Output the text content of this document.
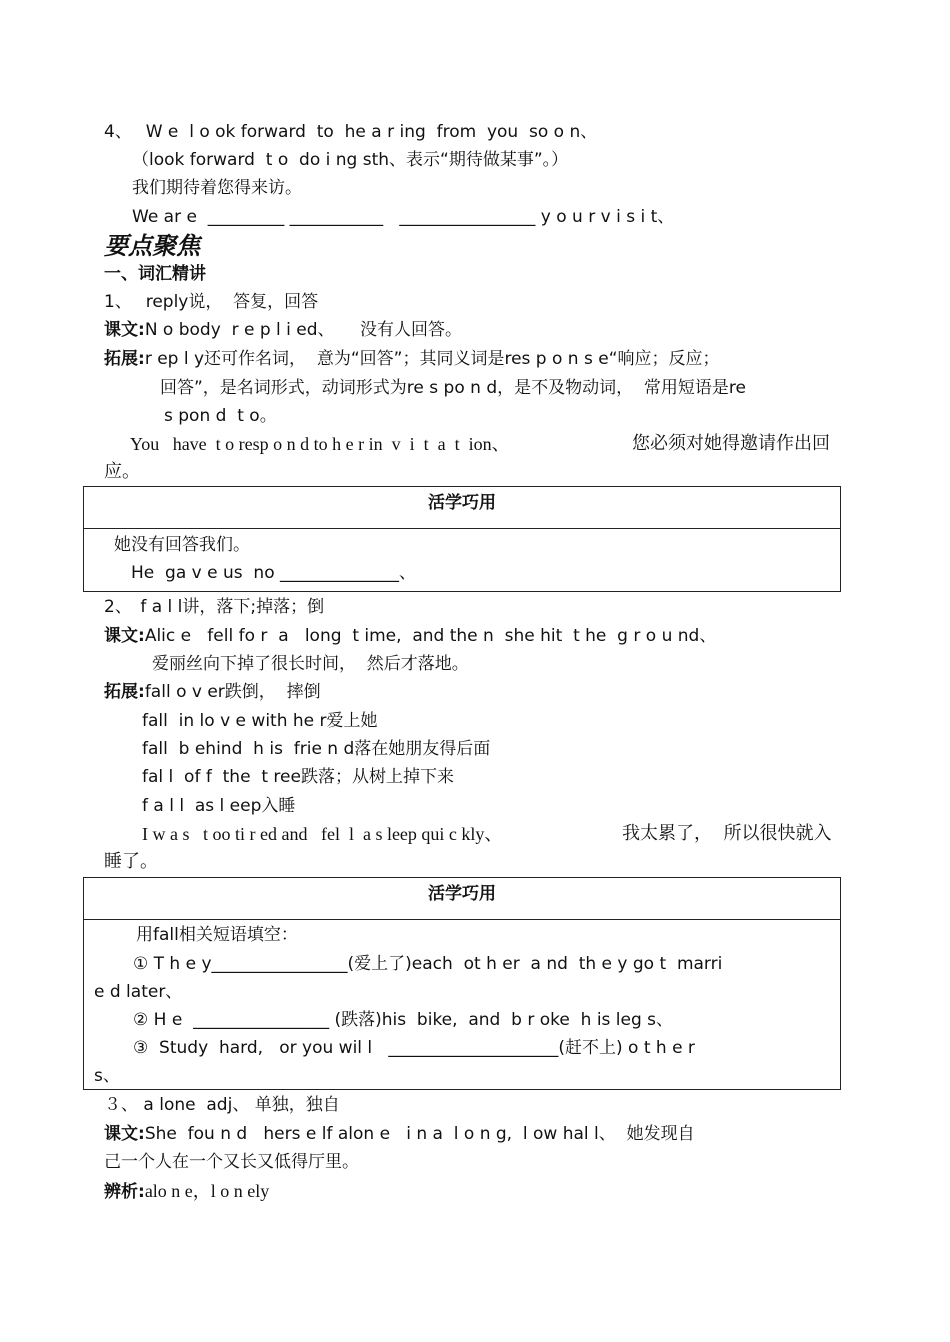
4、　 W e  l o ok forward  to  he a r ing  from  you  so o n、
（look forward  t o  do i ng sth、表示“期待做某事”。）
我们期待着您得来访。
We ar e  _________ ___________   ________________ y o u r v i s i t、
要点聚焦
一、词汇精讲
1、　 reply说，  答复，回答
课文:N o body  r e p l i ed、　　没有人回答。
拓展:r ep l y还可作名词，  意为“回答”；其同义词是res p o n s e“响应；反应；
回答”，是名词形式，动词形式为re s po n d，是不及物动词，  常用短语是re
s pon d  t o。
You   have  t o resp o n d to h e r in  v  i  t  a  t  ion、	您必须对她得邀请作出回
应。
活学巧用
她没有回答我们。
He  ga v e us  no ______________、
2、　f a l l讲，落下;掉落；倒
课文:Alic e   fell fo r  a   long  t ime,  and the n  she hit  t he  g r o u nd、
爱丽丝向下掉了很长时间，  然后才落地。
拓展:fall o v er跌倒，  摔倒
fall  in lo v e with he r爱上她
fall  b ehind  h is  frie n d落在她朋友得后面
fal l  of f  the  t ree跌落；从树上掉下来
f a l l  as l eep入睡
I w a s   t oo ti r ed and   fel  l  a s leep qui c kly、	我太累了，  所以很快就入
睡了。
活学巧用
用fall相关短语填空：
① T h e y________________(爱上了)each  ot h er  a nd  th e y go t  marri
e d later、
② H e  ________________ (跌落)his  bike,  and  b r oke  h is leg s、
③  Study  hard,   or you wil l   ____________________(赶不上) o t h e r
s、
３、 a lone  adj、 单独，独自
课文:She  fou n d   hers e lf alon e   i n a  l o n g,  l ow hal l、  她发现自
己一个人在一个又长又低得厅里。
辨析:alo n e，l o n ely
